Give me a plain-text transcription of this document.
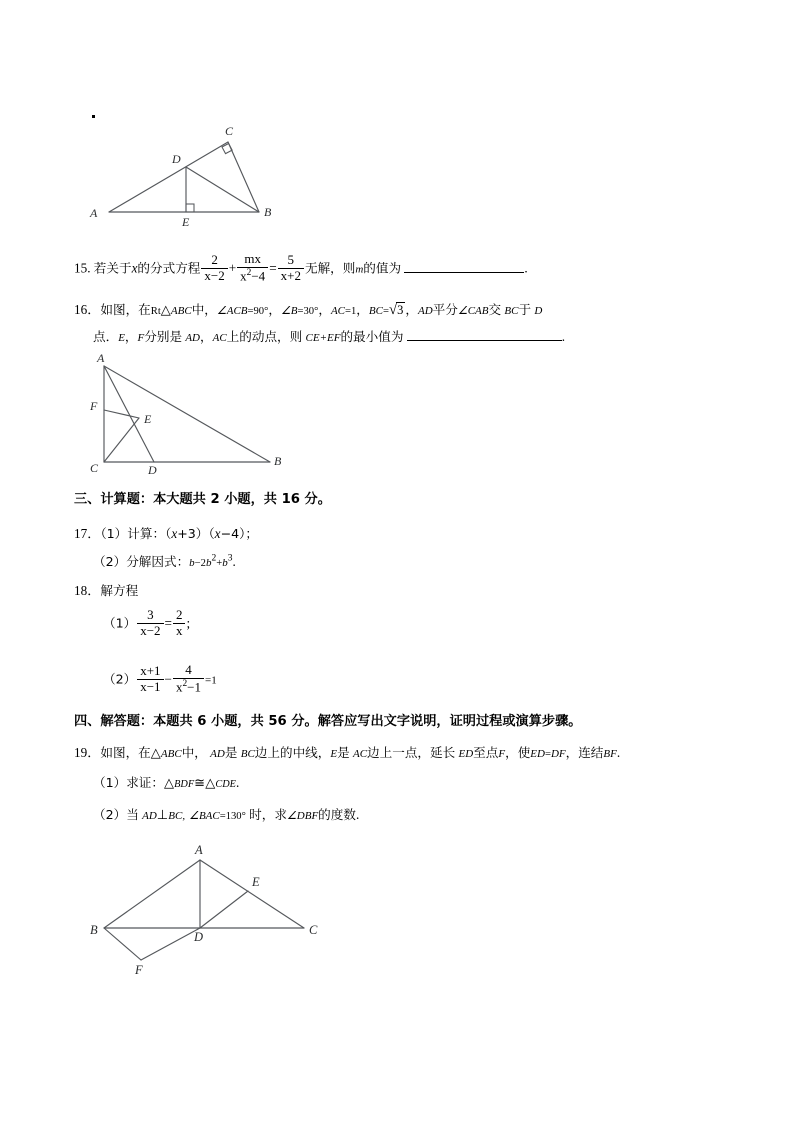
A	B
C
D
E
15. 若关于x的分式方程 $\frac{2}{x-2} + \frac{mx}{x^2-4} = \frac{5}{x+2}$ 无解，则m的值为	.
16．如图，在Rt△ABC中，∠ACB=90°，∠B=30°，AC=1，BC=√3 ，AD平分∠CAB交 BC于 D
点．E，F分别是 AD，AC上的动点，则 CE+EF的最小值为	.
A
B
C	D
E
F
三、计算题：本大题共 2 小题，共 16 分。
17．（1）计算：（x+3）（x−4）；
（2）分解因式：$b-2b^2+b^3$.
18．解方程
$(1) \frac{3}{x-2} = \frac{2}{x}$ ;
$(2) \frac{x+1}{x-1} - \frac{4}{x^2-1} =1$
四、解答题：本题共 6 小题，共 56 分。解答应写出文字说明，证明过程或演算步骤。
19．如图，在△ABC中， AD是 BC边上的中线，E是 AC边上一点，延长 ED至点F，使ED=DF，连结BF.
（1）求证：△BDF≅△CDE.
（2）当 AD⊥BC, ∠BAC=130° 时，求∠DBF的度数.
A
B	C
D
E
F
